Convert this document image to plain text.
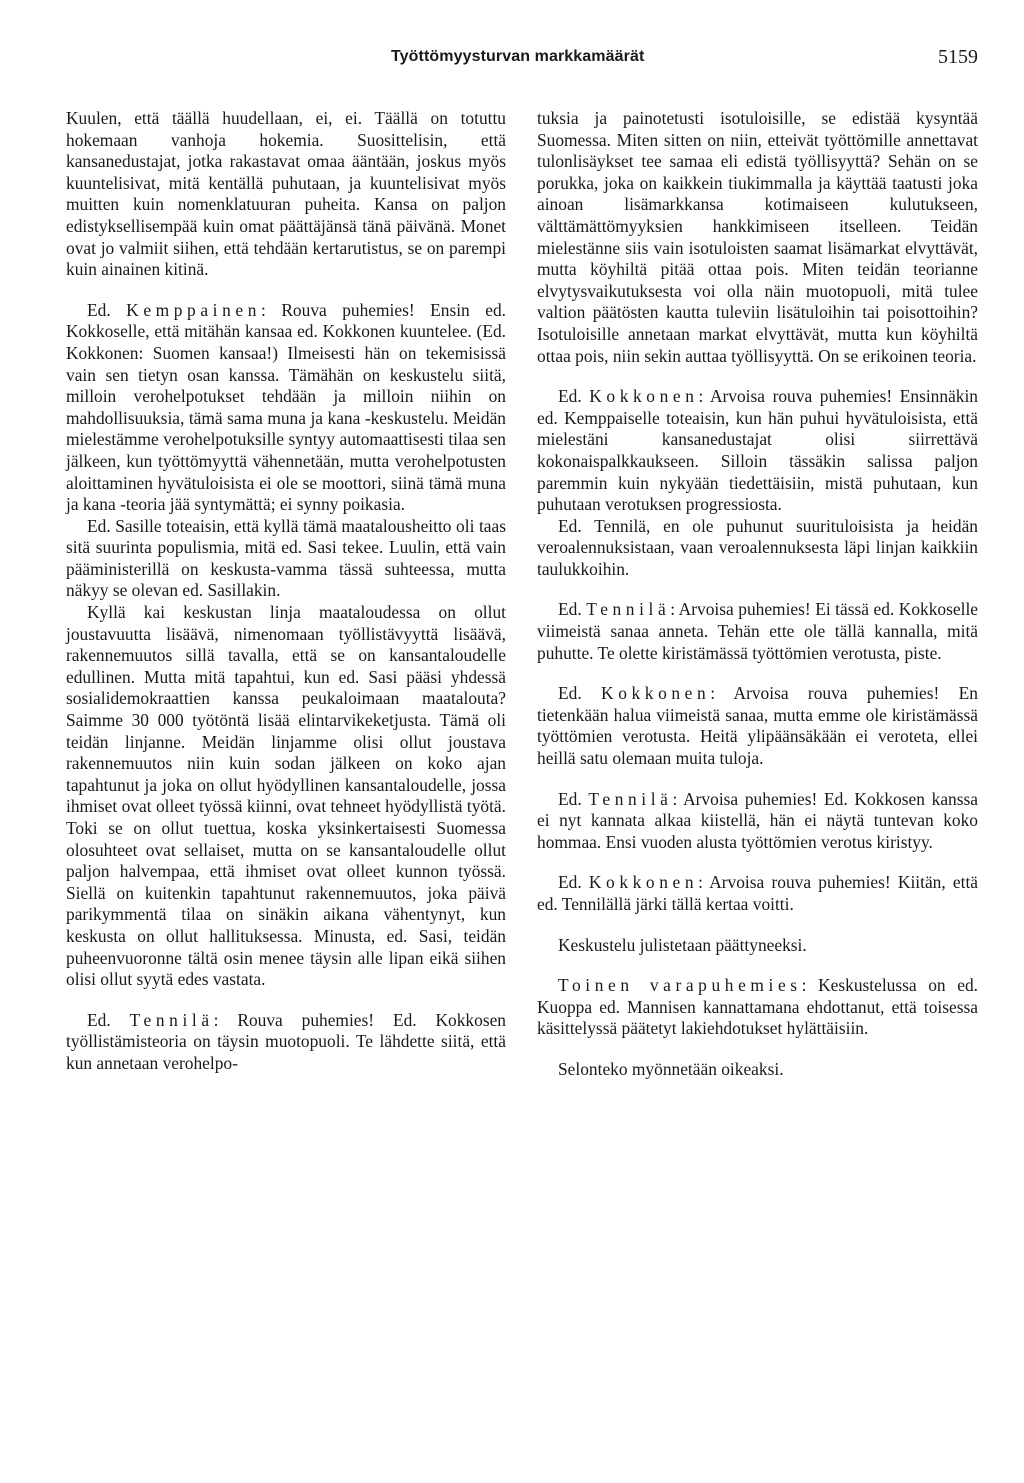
Työttömyysturvan markkamäärät	5159

Kuulen, että täällä huudellaan, ei, ei. Täällä on totuttu hokemaan vanhoja hokemia. Suosittelisin, että kansanedustajat, jotka rakastavat omaa ääntään, joskus myös kuuntelisivat, mitä kentällä puhutaan, ja kuuntelisivat myös muitten kuin nomenklatuuran puheita. Kansa on paljon edistyksellisempää kuin omat päättäjänsä tänä päivänä. Monet ovat jo valmiit siihen, että tehdään kertarutistus, se on parempi kuin ainainen kitinä.

Ed. Kemppainen: Rouva puhemies! Ensin ed. Kokkoselle, että mitähän kansaa ed. Kokkonen kuuntelee. (Ed. Kokkonen: Suomen kansaa!) Ilmeisesti hän on tekemisissä vain sen tietyn osan kanssa. Tämähän on keskustelu siitä, milloin verohelpotukset tehdään ja milloin niihin on mahdollisuuksia, tämä sama muna ja kana -keskustelu. Meidän mielestämme verohelpotuksille syntyy automaattisesti tilaa sen jälkeen, kun työttömyyttä vähennetään, mutta verohelpotusten aloittaminen hyvätuloisista ei ole se moottori, siinä tämä muna ja kana -teoria jää syntymättä; ei synny poikasia.

Ed. Sasille toteaisin, että kyllä tämä maatalousheitto oli taas sitä suurinta populismia, mitä ed. Sasi tekee. Luulin, että vain pääministerillä on keskusta-vamma tässä suhteessa, mutta näkyy se olevan ed. Sasillakin.

Kyllä kai keskustan linja maataloudessa on ollut joustavuutta lisäävä, nimenomaan työllistävyyttä lisäävä, rakennemuutos sillä tavalla, että se on kansantaloudelle edullinen. Mutta mitä tapahtui, kun ed. Sasi pääsi yhdessä sosialidemokraattien kanssa peukaloimaan maatalouta? Saimme 30 000 työtöntä lisää elintarvikeketjusta. Tämä oli teidän linjanne. Meidän linjamme olisi ollut joustava rakennemuutos niin kuin sodan jälkeen on koko ajan tapahtunut ja joka on ollut hyödyllinen kansantaloudelle, jossa ihmiset ovat olleet työssä kiinni, ovat tehneet hyödyllistä työtä. Toki se on ollut tuettua, koska yksinkertaisesti Suomessa olosuhteet ovat sellaiset, mutta on se kansantaloudelle ollut paljon halvempaa, että ihmiset ovat olleet kunnon työssä. Siellä on kuitenkin tapahtunut rakennemuutos, joka päivä parikymmentä tilaa on sinäkin aikana vähentynyt, kun keskusta on ollut hallituksessa. Minusta, ed. Sasi, teidän puheenvuoronne tältä osin menee täysin alle lipan eikä siihen olisi ollut syytä edes vastata.

Ed. Tennilä: Rouva puhemies! Ed. Kokkosen työllistämisteoria on täysin muotopuoli. Te lähdette siitä, että kun annetaan verohelpo-

tuksia ja painotetusti isotuloisille, se edistää kysyntää Suomessa. Miten sitten on niin, etteivät työttömille annettavat tulonlisäykset tee samaa eli edistä työllisyyttä? Sehän on se porukka, joka on kaikkein tiukimmalla ja käyttää taatusti joka ainoan lisämarkkansa kotimaiseen kulutukseen, välttämättömyyksien hankkimiseen itselleen. Teidän mielestänne siis vain isotuloisten saamat lisämarkat elvyttävät, mutta köyhiltä pitää ottaa pois. Miten teidän teorianne elvytysvaikutuksesta voi olla näin muotopuoli, mitä tulee valtion päätösten kautta tuleviin lisätuloihin tai poisottoihin? Isotuloisille annetaan markat elvyttävät, mutta kun köyhiltä ottaa pois, niin sekin auttaa työllisyyttä. On se erikoinen teoria.

Ed. Kokkonen: Arvoisa rouva puhemies! Ensinnäkin ed. Kemppaiselle toteaisin, kun hän puhui hyvätuloisista, että mielestäni kansanedustajat olisi siirrettävä kokonaispalkkaukseen. Silloin tässäkin salissa paljon paremmin kuin nykyään tiedettäisiin, mistä puhutaan, kun puhutaan verotuksen progressiosta.

Ed. Tennilä, en ole puhunut suurituloisista ja heidän veroalennuksistaan, vaan veroalennuksesta läpi linjan kaikkiin taulukkoihin.

Ed. Tennilä: Arvoisa puhemies! Ei tässä ed. Kokkoselle viimeistä sanaa anneta. Tehän ette ole tällä kannalla, mitä puhutte. Te olette kiristämässä työttömien verotusta, piste.

Ed. Kokkonen: Arvoisa rouva puhemies! En tietenkään halua viimeistä sanaa, mutta emme ole kiristämässä työttömien verotusta. Heitä ylipäänsäkään ei veroteta, ellei heillä satu olemaan muita tuloja.

Ed. Tennilä: Arvoisa puhemies! Ed. Kokkosen kanssa ei nyt kannata alkaa kiistellä, hän ei näytä tuntevan koko hommaa. Ensi vuoden alusta työttömien verotus kiristyy.

Ed. Kokkonen: Arvoisa rouva puhemies! Kiitän, että ed. Tennilällä järki tällä kertaa voitti.

Keskustelu julistetaan päättyneeksi.

Toinen varapuhemies: Keskustelussa on ed. Kuoppa ed. Mannisen kannattamana ehdottanut, että toisessa käsittelyssä päätetyt lakiehdotukset hylättäisiin.

Selonteko myönnetään oikeaksi.
